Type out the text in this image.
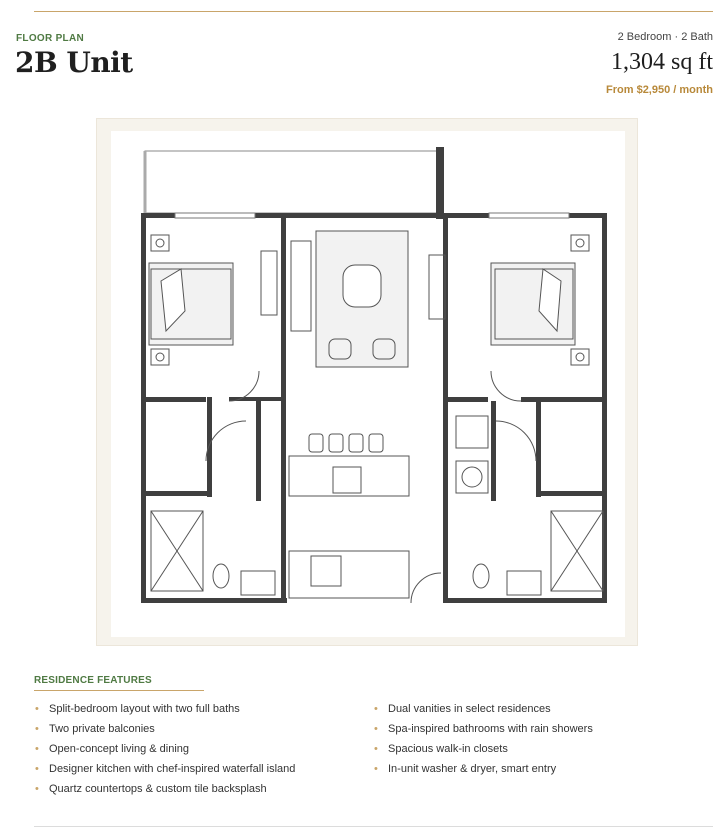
FLOOR PLAN
2B Unit
2 Bedroom · 2 Bath
1,304 sq ft
From $2,950 / month
RESIDENCE FEATURES
• Split-bedroom layout with two full baths
• Two private balconies
• Open-concept living & dining
• Designer kitchen with chef-inspired waterfall island
• Quartz countertops & custom tile backsplash
• Dual vanities in select residences
• Spa-inspired bathrooms with rain showers
• Spacious walk-in closets
• In-unit washer & dryer, smart entry
